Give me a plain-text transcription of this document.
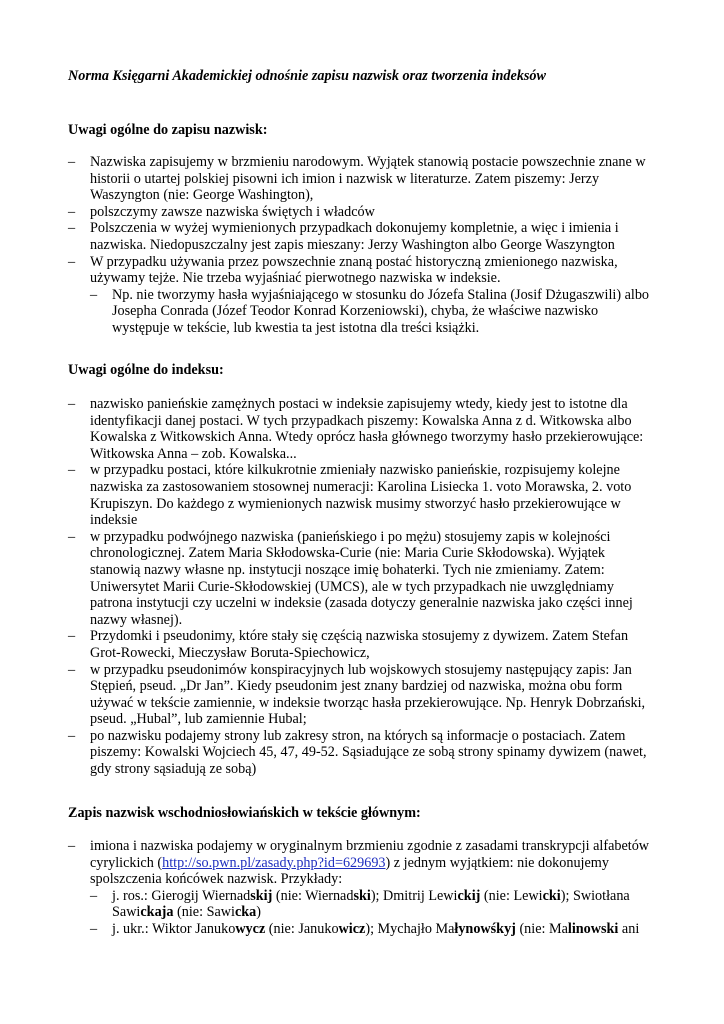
Norma Księgarni Akademickiej odnośnie zapisu nazwisk oraz tworzenia indeksów
Uwagi ogólne do zapisu nazwisk:
– Nazwiska zapisujemy w brzmieniu narodowym. Wyjątek stanowią postacie powszechnie znane w historii o utartej polskiej pisowni ich imion i nazwisk w literaturze. Zatem piszemy: Jerzy Waszyngton (nie: George Washington),
– polszczymy zawsze nazwiska świętych i władców
– Polszczenia w wyżej wymienionych przypadkach dokonujemy kompletnie, a więc i imienia i nazwiska. Niedopuszczalny jest zapis mieszany: Jerzy Washington albo George Waszyngton
– W przypadku używania przez powszechnie znaną postać historyczną zmienionego nazwiska, używamy tejże. Nie trzeba wyjaśniać pierwotnego nazwiska w indeksie.
– Np. nie tworzymy hasła wyjaśniającego w stosunku do Józefa Stalina (Josif Dżugaszwili) albo Josepha Conrada (Józef Teodor Konrad Korzeniowski), chyba, że właściwe nazwisko występuje w tekście, lub kwestia ta jest istotna dla treści książki.
Uwagi ogólne do indeksu:
– nazwisko panieńskie zamężnych postaci w indeksie zapisujemy wtedy, kiedy jest to istotne dla identyfikacji danej postaci. W tych przypadkach piszemy: Kowalska Anna z d. Witkowska albo Kowalska z Witkowskich Anna. Wtedy oprócz hasła głównego tworzymy hasło przekierowujące: Witkowska Anna – zob. Kowalska...
– w przypadku postaci, które kilkukrotnie zmieniały nazwisko panieńskie, rozpisujemy kolejne nazwiska za zastosowaniem stosownej numeracji: Karolina Lisiecka 1. voto Morawska, 2. voto Krupiszyn. Do każdego z wymienionych nazwisk musimy stworzyć hasło przekierowujące w indeksie
– w przypadku podwójnego nazwiska (panieńskiego i po mężu) stosujemy zapis w kolejności chronologicznej. Zatem Maria Skłodowska-Curie (nie: Maria Curie Skłodowska). Wyjątek stanowią nazwy własne np. instytucji noszące imię bohaterki. Tych nie zmieniamy. Zatem: Uniwersytet Marii Curie-Skłodowskiej (UMCS), ale w tych przypadkach nie uwzględniamy patrona instytucji czy uczelni w indeksie (zasada dotyczy generalnie nazwiska jako części innej nazwy własnej).
– Przydomki i pseudonimy, które stały się częścią nazwiska stosujemy z dywizem. Zatem Stefan Grot-Rowecki, Mieczysław Boruta-Spiechowicz,
– w przypadku pseudonimów konspiracyjnych lub wojskowych stosujemy następujący zapis: Jan Stępień, pseud. „Dr Jan”. Kiedy pseudonim jest znany bardziej od nazwiska, można obu form używać w tekście zamiennie, w indeksie tworząc hasła przekierowujące. Np. Henryk Dobrzański, pseud. „Hubal”, lub zamiennie Hubal;
– po nazwisku podajemy strony lub zakresy stron, na których są informacje o postaciach. Zatem piszemy: Kowalski Wojciech 45, 47, 49-52. Sąsiadujące ze sobą strony spinamy dywizem (nawet, gdy strony sąsiadują ze sobą)
Zapis nazwisk wschodniosłowiańskich w tekście głównym:
– imiona i nazwiska podajemy w oryginalnym brzmieniu zgodnie z zasadami transkrypcji alfabetów cyrylickich (http://so.pwn.pl/zasady.php?id=629693) z jednym wyjątkiem: nie dokonujemy spolszczenia końcówek nazwisk. Przykłady:
– j. ros.: Gierogij Wiernadskij (nie: Wiernadski); Dmitrij Lewickij (nie: Lewicki); Swiotłana Sawickaja (nie: Sawicka)
– j. ukr.: Wiktor Janukowycz (nie: Janukowicz); Mychajło Małynowśkyj (nie: Malinowski ani
